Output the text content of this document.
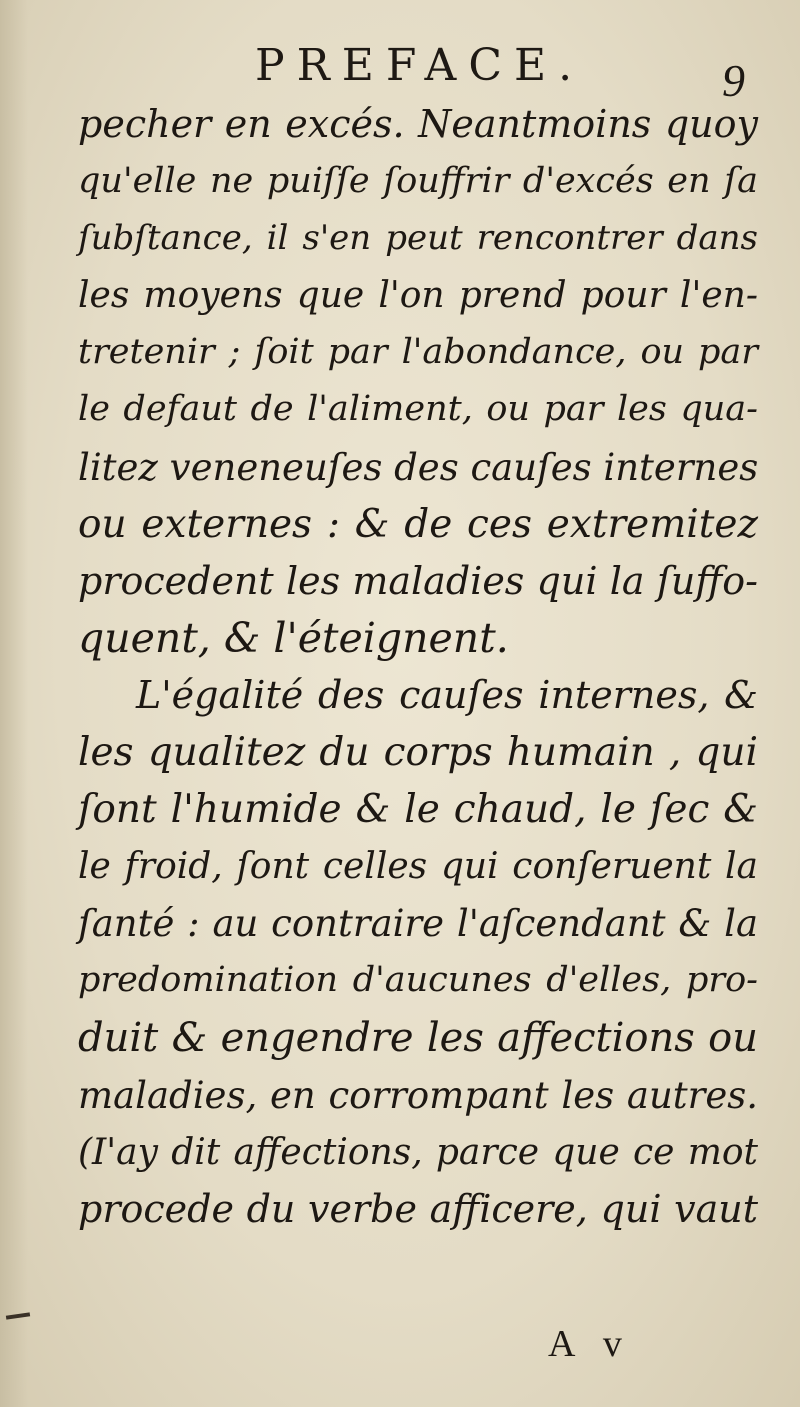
PREFACE.	9
pecher en excés. Neantmoins quoy
qu'elle ne puiſſe ſouffrir d'excés en ſa
ſubſtance, il s'en peut rencontrer dans
les moyens que l'on prend pour l'en-
tretenir ; ſoit par l'abondance, ou par
le defaut de l'aliment, ou par les qua-
litez veneneuſes des cauſes internes
ou externes : & de ces extremitez
procedent les maladies qui la ſuffo-
quent, & l'éteignent.
L'égalité des cauſes internes, &
les qualitez du corps humain , qui
ſont l'humide & le chaud, le ſec &
le froid, ſont celles qui conſeruent la
ſanté : au contraire l'aſcendant & la
predomination d'aucunes d'elles, pro-
duit & engendre les affections ou
maladies, en corrompant les autres.
(I'ay dit affections, parce que ce mot
procede du verbe afficere, qui vaut
A v
